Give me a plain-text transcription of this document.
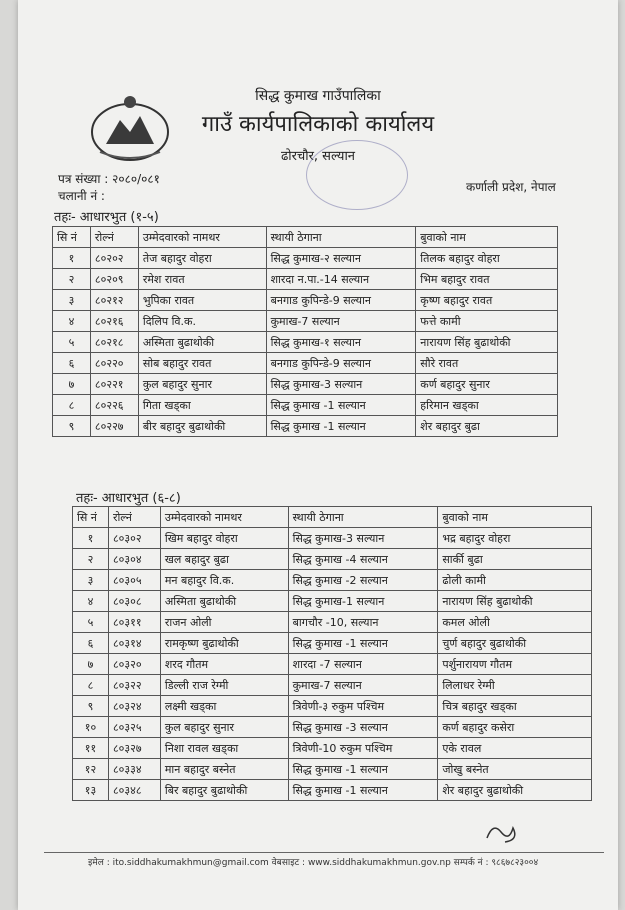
सिद्ध कुमाख गाउँपालिका
गाउँ कार्यपालिकाको कार्यालय
ढोरचौर, सल्यान
पत्र संख्या : २०८०/०८१
चलानी नं :
कर्णाली प्रदेश, नेपाल
तहः- आधारभुत (१-५)
सि नं	रोल्नं	उम्मेदवारको नामथर	स्थायी ठेगाना	बुवाको नाम
१	८०२०२	तेज बहादुर वोहरा	सिद्ध कुमाख-२ सल्यान	तिलक बहादुर वोहरा
२	८०२०९	रमेश रावत	शारदा न.पा.-14 सल्यान	भिम बहादुर रावत
३	८०२१२	भुपिका रावत	बनगाड कुपिन्डे-9 सल्यान	कृष्ण बहादुर रावत
४	८०२१६	दिलिप वि.क.	कुमाख-7 सल्यान	फत्ते कामी
५	८०२१८	अस्मिता बुढाथोकी	सिद्ध कुमाख-१ सल्यान	नारायण सिंह बुढाथोकी
६	८०२२०	सोब बहादुर रावत	बनगाड कुपिन्डे-9 सल्यान	सौरे रावत
७	८०२२१	कुल बहादुर सुनार	सिद्ध कुमाख-3 सल्यान	कर्ण बहादुर सुनार
८	८०२२६	गिता खड्का	सिद्ध कुमाख -1 सल्यान	हरिमान खड्का
९	८०२२७	बीर बहादुर बुढाथोकी	सिद्ध कुमाख -1 सल्यान	शेर बहादुर बुढा
तहः- आधारभुत (६-८)
सि नं	रोल्नं	उम्मेदवारको नामथर	स्थायी ठेगाना	बुवाको नाम
१	८०३०२	खिम बहादुर वोहरा	सिद्ध कुमाख-3 सल्यान	भद्र बहादुर वोहरा
२	८०३०४	खल बहादुर बुढा	सिद्ध कुमाख -4 सल्यान	सार्की बुढा
३	८०३०५	मन बहादुर वि.क.	सिद्ध कुमाख -2 सल्यान	ढोली कामी
४	८०३०८	अस्मिता बुढाथोकी	सिद्ध कुमाख-1 सल्यान	नारायण सिंह बुढाथोकी
५	८०३११	राजन ओली	बागचौर -10, सल्यान	कमल ओली
६	८०३१४	रामकृष्ण बुढाथोकी	सिद्ध कुमाख -1 सल्यान	चुर्ण बहादुर बुढाथोकी
७	८०३२०	शरद गौतम	शारदा -7 सल्यान	पर्शुनारायण गौतम
८	८०३२२	डिल्ली राज रेग्मी	कुमाख-7 सल्यान	लिलाधर रेग्मी
९	८०३२४	लक्ष्मी खड्का	त्रिवेणी-३ रुकुम पश्चिम	चित्र बहादुर खड्का
१०	८०३२५	कुल बहादुर सुनार	सिद्ध कुमाख -3 सल्यान	कर्ण बहादुर कसेरा
११	८०३२७	निशा रावल खड्का	त्रिवेणी-10 रुकुम पश्चिम	एके रावल
१२	८०३३४	मान बहादुर बस्नेत	सिद्ध कुमाख -1 सल्यान	जोखु बस्नेत
१३	८०३४८	बिर बहादुर बुढाथोकी	सिद्ध कुमाख -1 सल्यान	शेर बहादुर बुढाथोकी
इमेल : ito.siddhakumakhmun@gmail.com वेबसाइट : www.siddhakumakhmun.gov.np सम्पर्क नं : ९८६७८२३००४
